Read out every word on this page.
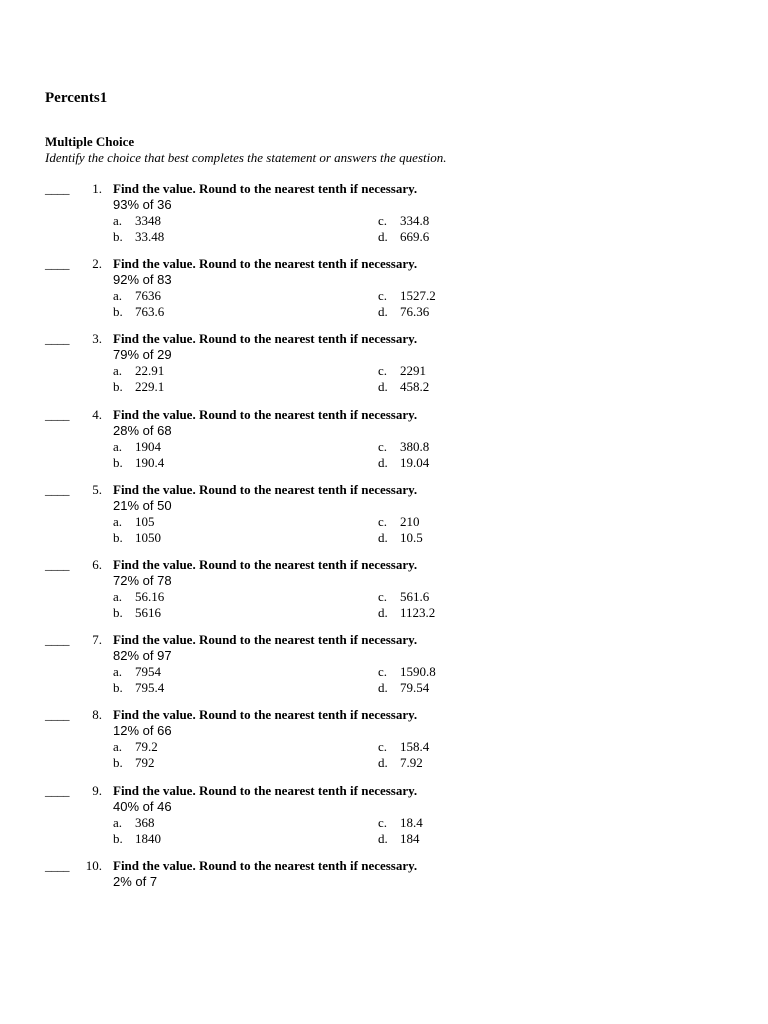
Percents1
Multiple Choice
Identify the choice that best completes the statement or answers the question.
____	1. Find the value. Round to the nearest tenth if necessary.
93% of 36
a. 3348
b. 33.48
c. 334.8
d. 669.6
____	2. Find the value. Round to the nearest tenth if necessary.
92% of 83
a. 7636
b. 763.6
c. 1527.2
d. 76.36
____	3. Find the value. Round to the nearest tenth if necessary.
79% of 29
a. 22.91
b. 229.1
c. 2291
d. 458.2
____	4. Find the value. Round to the nearest tenth if necessary.
28% of 68
a. 1904
b. 190.4
c. 380.8
d. 19.04
____	5. Find the value. Round to the nearest tenth if necessary.
21% of 50
a. 105
b. 1050
c. 210
d. 10.5
____	6. Find the value. Round to the nearest tenth if necessary.
72% of 78
a. 56.16
b. 5616
c. 561.6
d. 1123.2
____	7. Find the value. Round to the nearest tenth if necessary.
82% of 97
a. 7954
b. 795.4
c. 1590.8
d. 79.54
____	8. Find the value. Round to the nearest tenth if necessary.
12% of 66
a. 79.2
b. 792
c. 158.4
d. 7.92
____	9. Find the value. Round to the nearest tenth if necessary.
40% of 46
a. 368
b. 1840
c. 18.4
d. 184
____	10. Find the value. Round to the nearest tenth if necessary.
2% of 7
